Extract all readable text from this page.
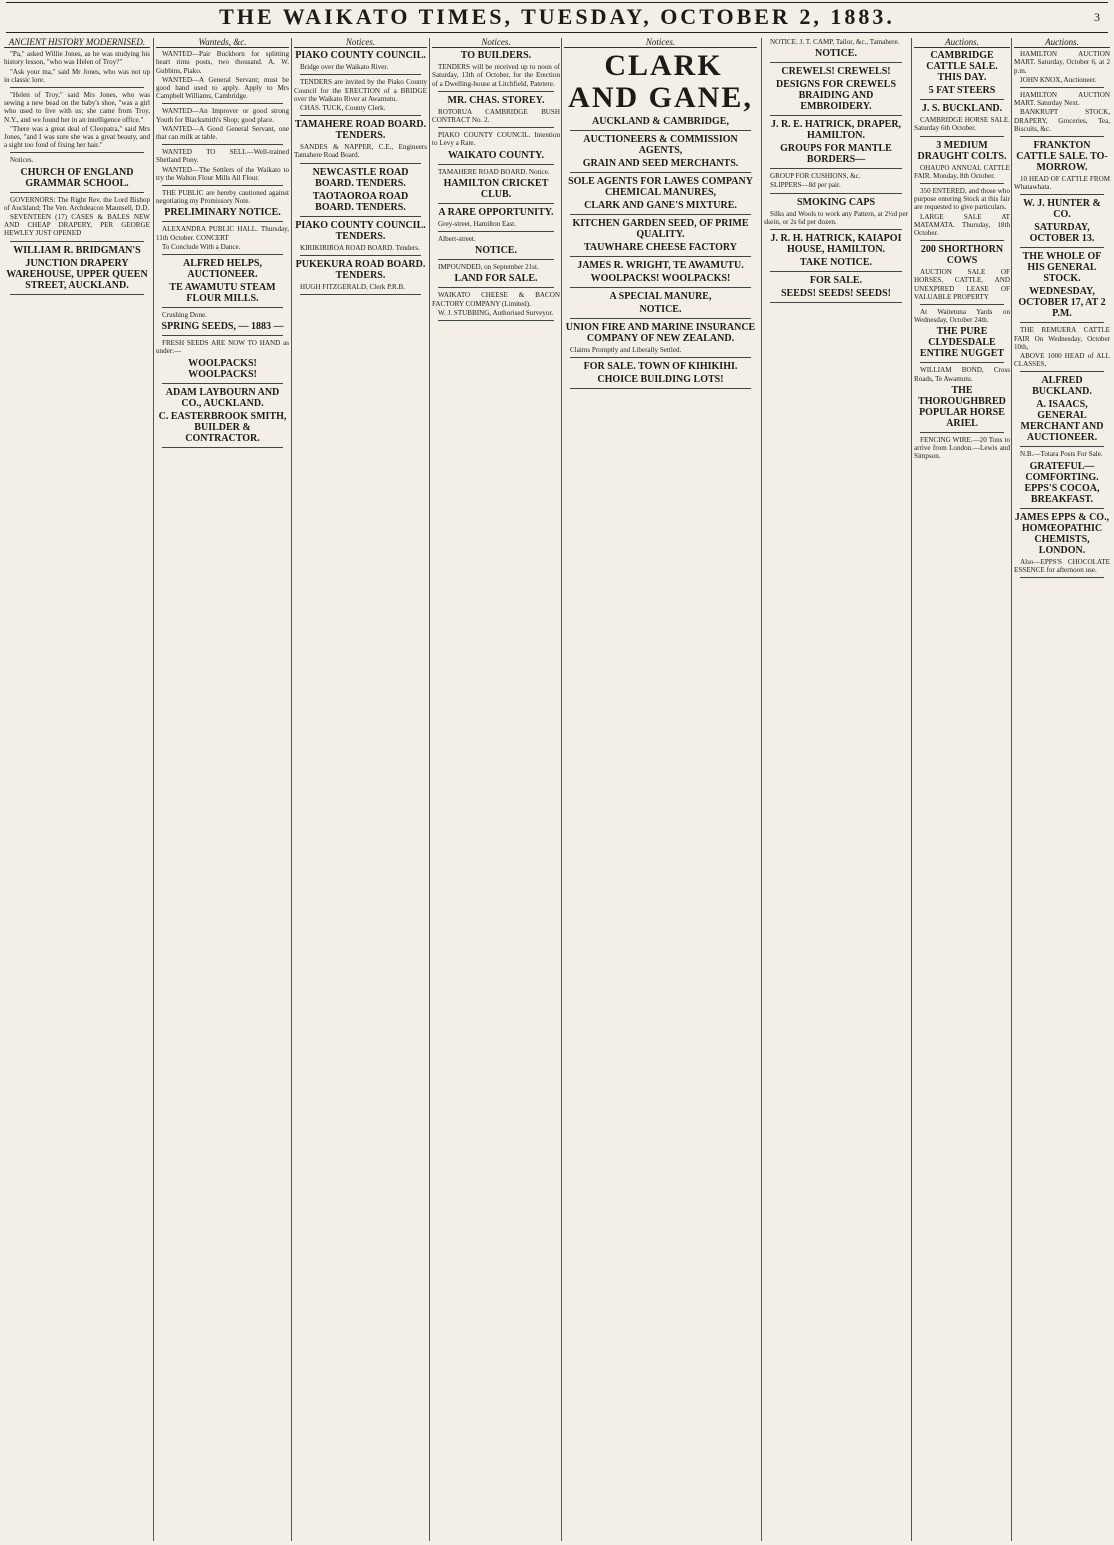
THE WAIKATO TIMES, TUESDAY, OCTOBER 2, 1883.	3
ANCIENT HISTORY MODERNISED.

"Pa," asked Willie Jones, as he was studying his history lesson, "who was Helen of Troy?"

"Ask your ma," said Mr Jones, who was not up in classic lore.

"Helen of Troy," said Mrs Jones, who was sewing a new bead on the baby's shoe, "was a girl who used to live with us; she came from Troy, N.Y., and we found her in an intelligence office."

"There was a great deal of Cleopatra," said Mrs Jones, "and I was sure she was a great beauty, and a sight too fond of fixing her hair."

Notices.

CHURCH OF ENGLAND GRAMMAR SCHOOL.

GOVERNORS: The Right Rev. the Lord Bishop of Auckland; The Ven. Archdeacon Maunsell, D.D.

SEVENTEEN (17) CASES & BALES NEW AND CHEAP DRAPERY, PER GEORGE HEWLEY JUST OPENED

WILLIAM R. BRIDGMAN'S

JUNCTION DRAPERY WAREHOUSE, UPPER QUEEN STREET, AUCKLAND.

Wanteds, &c.

WANTED—Pair Buckhorn for splitting heart rimu posts, two thousand. A. W. Gubbins, Piako.

WANTED—A General Servant; must be good hand used to apply. Apply to Mrs Campbell Williams, Cambridge.

WANTED—An Improver or good strong Youth for Blacksmith's Shop; good place.

WANTED—A Good General Servant, one that can milk at table.

WANTED TO SELL—Well-trained Shetland Pony.

WANTED—The Settlers of the Waikato to try the Walton Flour Mills All Flour.

THE PUBLIC are hereby cautioned against negotiating my Promissory Note.

PRELIMINARY NOTICE.

ALEXANDRA PUBLIC HALL. Thursday, 11th October. CONCERT

To Conclude With a Dance.

ALFRED HELPS, AUCTIONEER.

TE AWAMUTU STEAM FLOUR MILLS.

Crushing Done.

SPRING SEEDS, — 1883 —

FRESH SEEDS ARE NOW TO HAND as under:—

WOOLPACKS! WOOLPACKS!

ADAM LAYBOURN AND CO., AUCKLAND.

C. EASTERBROOK SMITH, BUILDER & CONTRACTOR.

Notices.

PIAKO COUNTY COUNCIL.

Bridge over the Waikato River.

TENDERS are invited by the Piako County Council for the ERECTION of a BRIDGE over the Waikato River at Awamutu.

CHAS. TUCK, County Clerk.

TAMAHERE ROAD BOARD. TENDERS.

SANDES & NAPPER, C.E., Engineers Tamahere Road Board.

NEWCASTLE ROAD BOARD. TENDERS.

TAOTAOROA ROAD BOARD. TENDERS.

PIAKO COUNTY COUNCIL. TENDERS.

KIRIKIRIROA ROAD BOARD. Tenders.

PUKEKURA ROAD BOARD. TENDERS.

HUGH FITZGERALD, Clerk P.R.B.

Notices.

TO BUILDERS.

TENDERS will be received up to noon of Saturday, 13th of October, for the Erection of a Dwelling-house at Litchfield, Patetere.

MR. CHAS. STOREY.

ROTORUA CAMBRIDGE BUSH CONTRACT No. 2.

PIAKO COUNTY COUNCIL. Intention to Levy a Rate.

WAIKATO COUNTY.

TAMAHERE ROAD BOARD. Notice.

HAMILTON CRICKET CLUB.

A RARE OPPORTUNITY.

Grey-street, Hamilton East.

Albert-street.

NOTICE.

IMPOUNDED, on September 21st.

LAND FOR SALE.

WAIKATO CHEESE & BACON FACTORY COMPANY (Limited).

W. J. STUBBING, Authorised Surveyor.

Notices.

CLARK AND GANE,

AUCKLAND & CAMBRIDGE,

AUCTIONEERS & COMMISSION AGENTS,

GRAIN AND SEED MERCHANTS.

SOLE AGENTS FOR LAWES COMPANY CHEMICAL MANURES,

CLARK AND GANE'S MIXTURE.

KITCHEN GARDEN SEED, OF PRIME QUALITY.

TAUWHARE CHEESE FACTORY

JAMES R. WRIGHT, TE AWAMUTU.

WOOLPACKS! WOOLPACKS!

A SPECIAL MANURE,

NOTICE.

UNION FIRE AND MARINE INSURANCE COMPANY OF NEW ZEALAND.

Claims Promptly and Liberally Settled.

FOR SALE. TOWN OF KIHIKIHI.

CHOICE BUILDING LOTS!

NOTICE. J. T. CAMP, Tailor, &c., Tamahere.

NOTICE.

CREWELS! CREWELS!

DESIGNS FOR CREWELS BRAIDING AND EMBROIDERY.

J. R. E. HATRICK, DRAPER, HAMILTON.

GROUPS FOR MANTLE BORDERS—

GROUP FOR CUSHIONS, &c.

SLIPPERS—8d per pair.

SMOKING CAPS

Silks and Wools to work any Pattern, at 2½d per skein, or 2s 6d per dozen.

J. R. H. HATRICK, KAIAPOI HOUSE, HAMILTON.

TAKE NOTICE.

FOR SALE.

SEEDS! SEEDS! SEEDS!

Auctions.

CAMBRIDGE CATTLE SALE. THIS DAY.

5 FAT STEERS

J. S. BUCKLAND.

CAMBRIDGE HORSE SALE. Saturday 6th October.

3 MEDIUM DRAUGHT COLTS.

OHAUPO ANNUAL CATTLE FAIR. Monday, 8th October.

350 ENTERED, and those who purpose entering Stock at this fair are requested to give particulars.

LARGE SALE AT MATAMATA. Thursday, 18th October.

200 SHORTHORN COWS

AUCTION SALE OF HORSES, CATTLE, AND UNEXPIRED LEASE OF VALUABLE PROPERTY

At Waitetuna Yards on Wednesday, October 24th.

THE PURE CLYDESDALE ENTIRE NUGGET

WILLIAM BOND, Cross Roads, Te Awamutu.

THE THOROUGHBRED POPULAR HORSE ARIEL

FENCING WIRE.—20 Tons to arrive from London.—Lewis and Simpson.

Auctions.

HAMILTON AUCTION MART. Saturday, October 6, at 2 p.m.

JOHN KNOX, Auctioneer.

HAMILTON AUCTION MART. Saturday Next.

BANKRUPT STOCK, DRAPERY, Groceries, Tea, Biscuits, &c.

FRANKTON CATTLE SALE. TO-MORROW.

10 HEAD OF CATTLE FROM Whatawhata.

W. J. HUNTER & CO.

SATURDAY, OCTOBER 13.

THE WHOLE OF HIS GENERAL STOCK.

WEDNESDAY, OCTOBER 17, AT 2 P.M.

THE REMUERA CATTLE FAIR On Wednesday, October 10th,

ABOVE 1000 HEAD of ALL CLASSES,

ALFRED BUCKLAND.

A. ISAACS, GENERAL MERCHANT AND AUCTIONEER.

N.B.—Totara Posts For Sale.

GRATEFUL—COMFORTING. EPPS'S COCOA, BREAKFAST.

JAMES EPPS & CO., HOMŒOPATHIC CHEMISTS, LONDON.

Also—EPPS'S CHOCOLATE ESSENCE for afternoon use.
